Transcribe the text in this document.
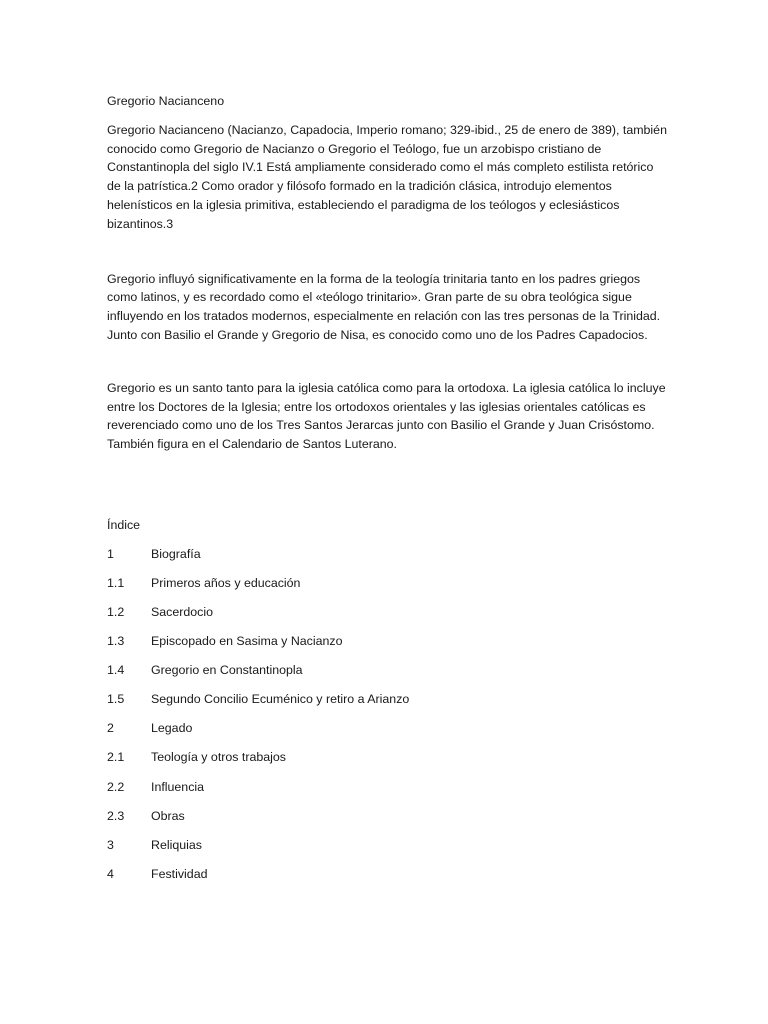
Gregorio Nacianceno

Gregorio Nacianceno (Nacianzo, Capadocia, Imperio romano; 329-ibid., 25 de enero de 389), también conocido como Gregorio de Nacianzo o Gregorio el Teólogo, fue un arzobispo cristiano de Constantinopla del siglo IV.1 Está ampliamente considerado como el más completo estilista retórico de la patrística.2 Como orador y filósofo formado en la tradición clásica, introdujo elementos helenísticos en la iglesia primitiva, estableciendo el paradigma de los teólogos y eclesiásticos bizantinos.3

Gregorio influyó significativamente en la forma de la teología trinitaria tanto en los padres griegos como latinos, y es recordado como el «teólogo trinitario». Gran parte de su obra teológica sigue influyendo en los tratados modernos, especialmente en relación con las tres personas de la Trinidad. Junto con Basilio el Grande y Gregorio de Nisa, es conocido como uno de los Padres Capadocios.

Gregorio es un santo tanto para la iglesia católica como para la ortodoxa. La iglesia católica lo incluye entre los Doctores de la Iglesia; entre los ortodoxos orientales y las iglesias orientales católicas es reverenciado como uno de los Tres Santos Jerarcas junto con Basilio el Grande y Juan Crisóstomo. También figura en el Calendario de Santos Luterano.

Índice
1	Biografía
1.1	Primeros años y educación
1.2	Sacerdocio
1.3	Episcopado en Sasima y Nacianzo
1.4	Gregorio en Constantinopla
1.5	Segundo Concilio Ecuménico y retiro a Arianzo
2	Legado
2.1	Teología y otros trabajos
2.2	Influencia
2.3	Obras
3	Reliquias
4	Festividad
